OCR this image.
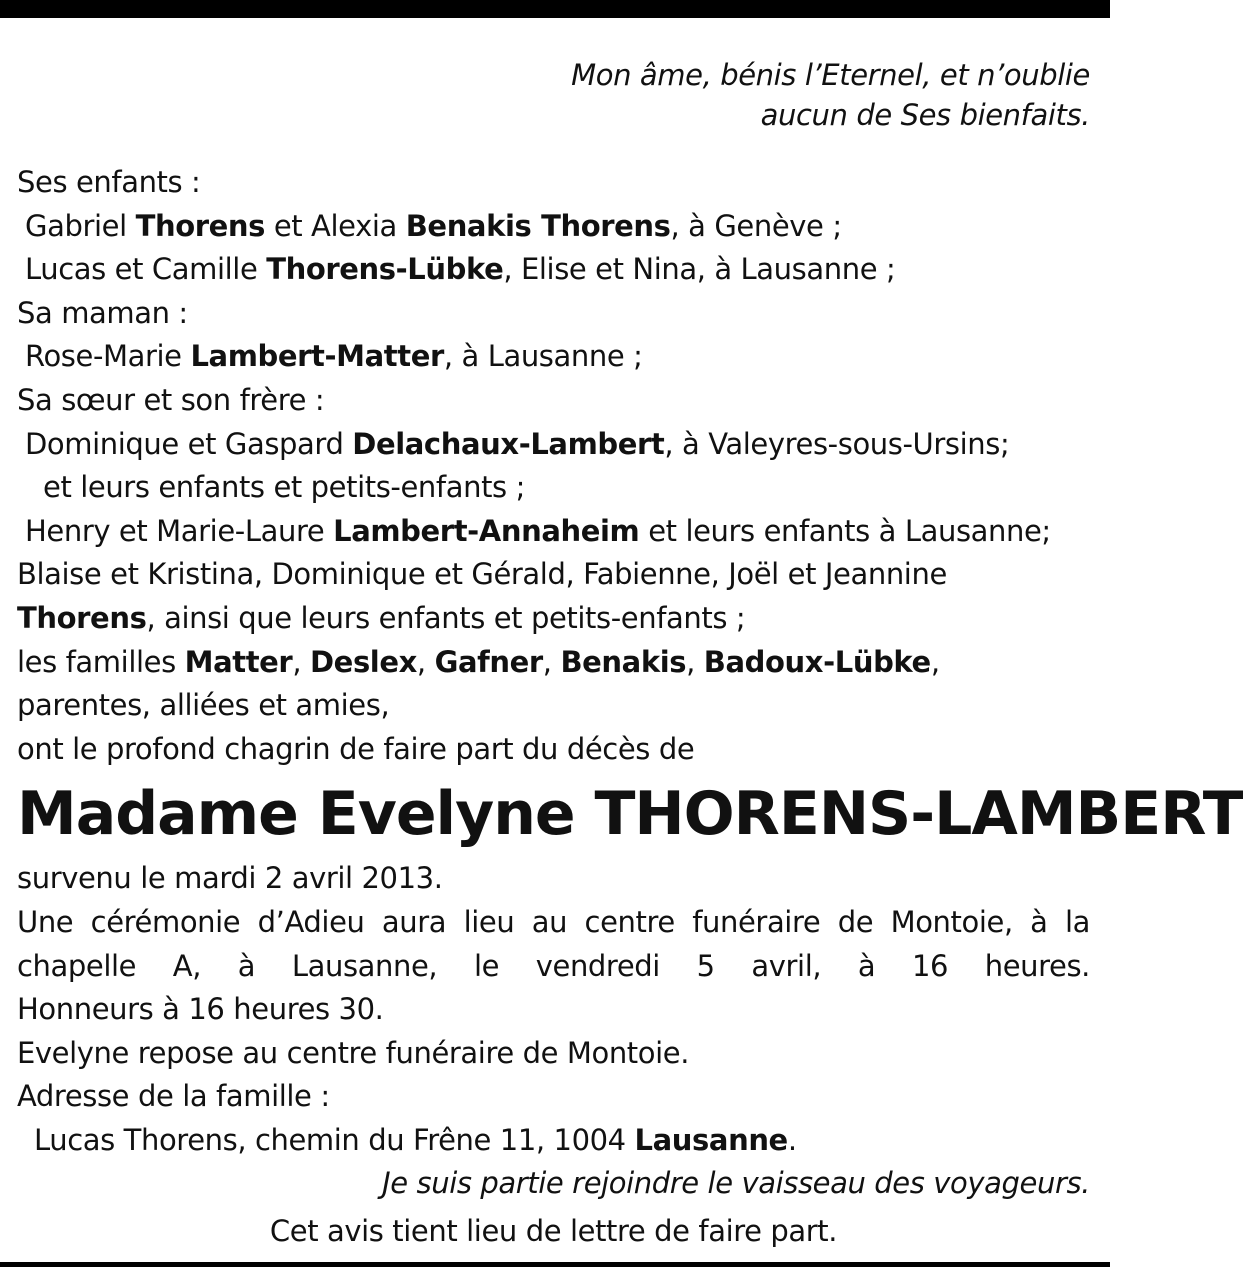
Mon âme, bénis l’Eternel, et n’oublie
aucun de Ses bienfaits.
Ses enfants :
Gabriel Thorens et Alexia Benakis Thorens, à Genève ;
Lucas et Camille Thorens-Lübke, Elise et Nina, à Lausanne ;
Sa maman :
Rose-Marie Lambert-Matter, à Lausanne ;
Sa sœur et son frère :
Dominique et Gaspard Delachaux-Lambert, à Valeyres-sous-Ursins;
et leurs enfants et petits-enfants ;
Henry et Marie-Laure Lambert-Annaheim et leurs enfants à Lausanne;
Blaise et Kristina, Dominique et Gérald, Fabienne, Joël et Jeannine
Thorens, ainsi que leurs enfants et petits-enfants ;
les familles Matter, Deslex, Gafner, Benakis, Badoux-Lübke,
parentes, alliées et amies,
ont le profond chagrin de faire part du décès de
Madame Evelyne THORENS-LAMBERT
survenu le mardi 2 avril 2013.
Une cérémonie d’Adieu aura lieu au centre funéraire de Montoie, à la
chapelle A, à Lausanne, le vendredi 5 avril, à 16 heures.
Honneurs à 16 heures 30.
Evelyne repose au centre funéraire de Montoie.
Adresse de la famille :
Lucas Thorens, chemin du Frêne 11, 1004 Lausanne.
Je suis partie rejoindre le vaisseau des voyageurs.
Cet avis tient lieu de lettre de faire part.
